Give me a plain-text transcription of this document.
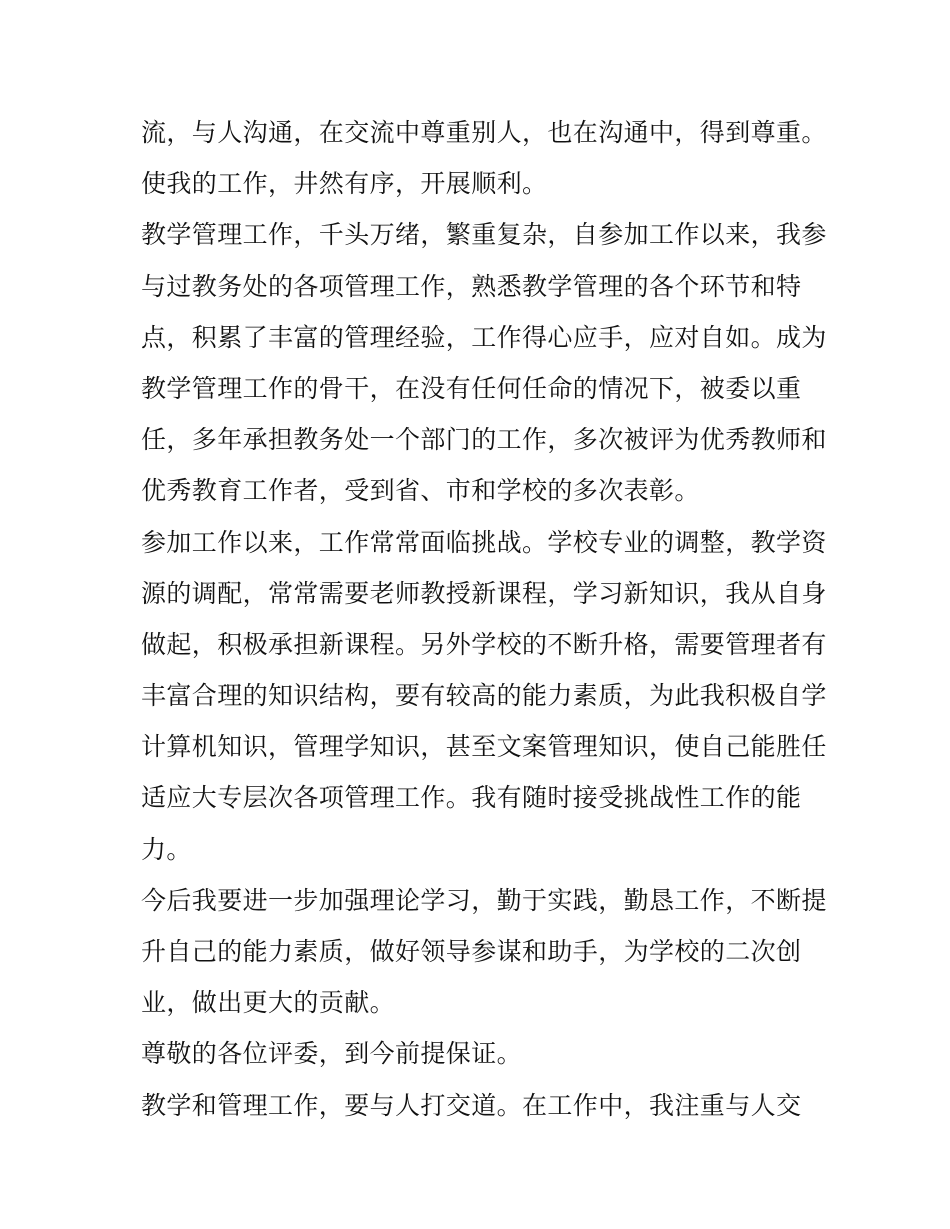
流，与人沟通，在交流中尊重别人，也在沟通中，得到尊重。
使我的工作，井然有序，开展顺利。
教学管理工作，千头万绪，繁重复杂，自参加工作以来，我参
与过教务处的各项管理工作，熟悉教学管理的各个环节和特
点，积累了丰富的管理经验，工作得心应手，应对自如。成为
教学管理工作的骨干，在没有任何任命的情况下，被委以重
任，多年承担教务处一个部门的工作，多次被评为优秀教师和
优秀教育工作者，受到省、市和学校的多次表彰。
参加工作以来，工作常常面临挑战。学校专业的调整，教学资
源的调配，常常需要老师教授新课程，学习新知识，我从自身
做起，积极承担新课程。另外学校的不断升格，需要管理者有
丰富合理的知识结构，要有较高的能力素质，为此我积极自学
计算机知识，管理学知识，甚至文案管理知识，使自己能胜任
适应大专层次各项管理工作。我有随时接受挑战性工作的能
力。
今后我要进一步加强理论学习，勤于实践，勤恳工作，不断提
升自己的能力素质，做好领导参谋和助手，为学校的二次创
业，做出更大的贡献。
尊敬的各位评委，到今前提保证。
教学和管理工作，要与人打交道。在工作中，我注重与人交
